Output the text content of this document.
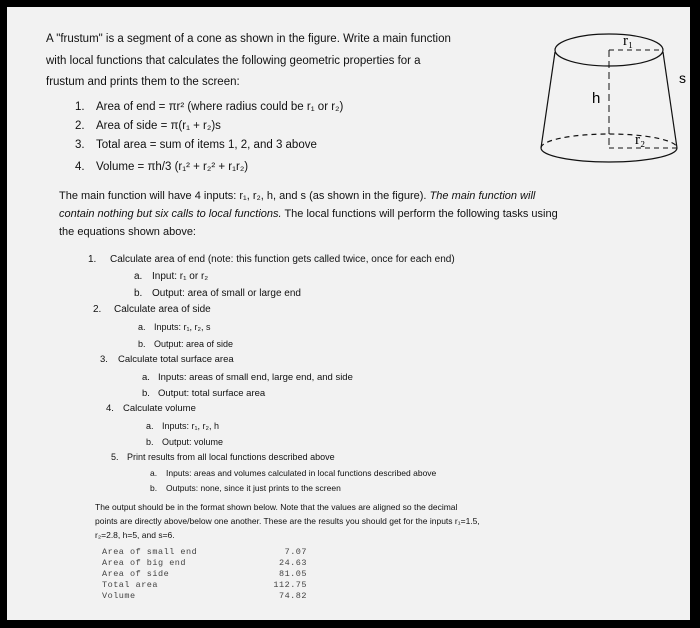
A "frustum" is a segment of a cone as shown in the figure. Write a main function
with local functions that calculates the following geometric properties for a
frustum and prints them to the screen:
1. Area of end = πr² (where radius could be r₁ or r₂)
2. Area of side = π(r₁ + r₂)s
3. Total area = sum of items 1, 2, and 3 above
4. Volume = πh/3 (r₁² + r₂² + r₁r₂)
r₁
h
s
r₂
The main function will have 4 inputs: r₁, r₂, h, and s (as shown in the figure). The main function will
contain nothing but six calls to local functions. The local functions will perform the following tasks using
the equations shown above:
1. Calculate area of end (note: this function gets called twice, once for each end)
a. Input: r₁ or r₂
b. Output: area of small or large end
2. Calculate area of side
a. Inputs: r₁, r₂, s
b. Output: area of side
3. Calculate total surface area
a. Inputs: areas of small end, large end, and side
b. Output: total surface area
4. Calculate volume
a. Inputs: r₁, r₂, h
b. Output: volume
5. Print results from all local functions described above
a. Inputs: areas and volumes calculated in local functions described above
b. Outputs: none, since it just prints to the screen
The output should be in the format shown below. Note that the values are aligned so the decimal
points are directly above/below one another. These are the results you should get for the inputs r₁=1.5,
r₂=2.8, h=5, and s=6.
Area of small end	7.07
Area of big end	24.63
Area of side	81.05
Total area	112.75
Volume	74.82
